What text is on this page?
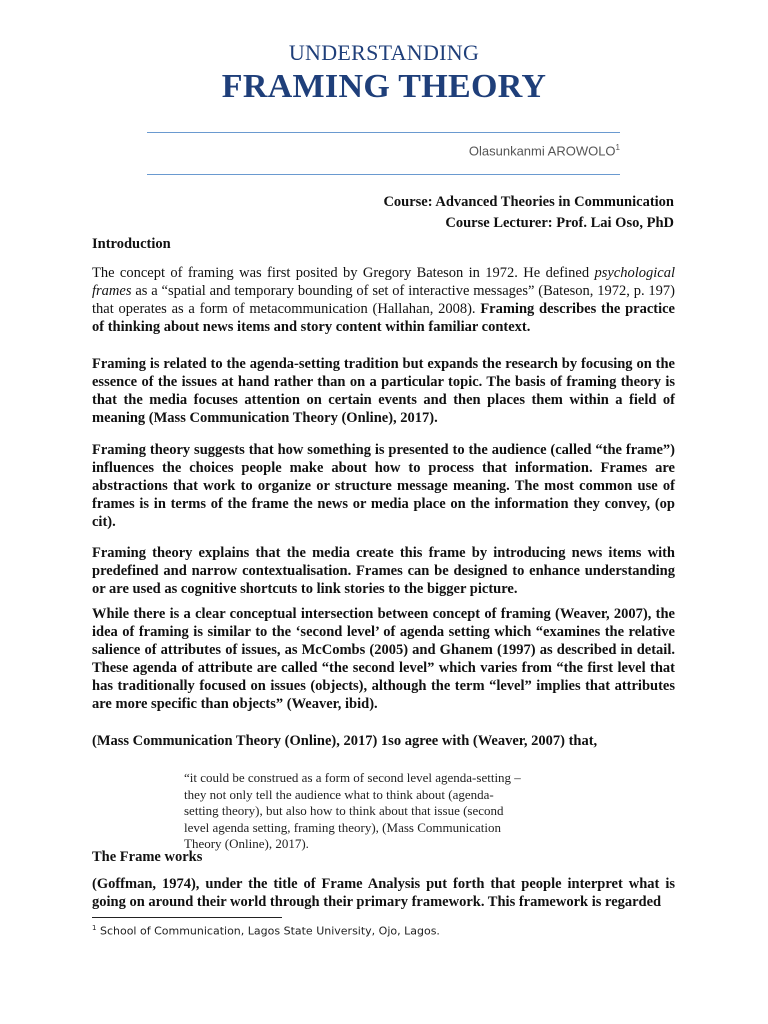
UNDERSTANDING
FRAMING THEORY
Olasunkanmi AROWOLO$^1$
Course: Advanced Theories in Communication
Course Lecturer: Prof. Lai Oso, PhD
Introduction
The concept of framing was first posited by Gregory Bateson in 1972. He defined psychological frames as a “spatial and temporary bounding of set of interactive messages” (Bateson, 1972, p. 197) that operates as a form of metacommunication (Hallahan, 2008). Framing describes the practice of thinking about news items and story content within familiar context.
Framing is related to the agenda-setting tradition but expands the research by focusing on the essence of the issues at hand rather than on a particular topic. The basis of framing theory is that the media focuses attention on certain events and then places them within a field of meaning (Mass Communication Theory (Online), 2017).
Framing theory suggests that how something is presented to the audience (called “the frame”) influences the choices people make about how to process that information. Frames are abstractions that work to organize or structure message meaning. The most common use of frames is in terms of the frame the news or media place on the information they convey, (op cit).
Framing theory explains that the media create this frame by introducing news items with predefined and narrow contextualisation. Frames can be designed to enhance understanding or are used as cognitive shortcuts to link stories to the bigger picture.
While there is a clear conceptual intersection between concept of framing (Weaver, 2007), the idea of framing is similar to the ‘second level’ of agenda setting which “examines the relative salience of attributes of issues, as McCombs (2005) and Ghanem (1997) as described in detail. These agenda of attribute are called “the second level” which varies from “the first level that has traditionally focused on issues (objects), although the term “level” implies that attributes are more specific than objects” (Weaver, ibid).
(Mass Communication Theory (Online), 2017) 1so agree with (Weaver, 2007) that,
“it could be construed as a form of second level agenda-setting – they not only tell the audience what to think about (agenda-setting theory), but also how to think about that issue (second level agenda setting, framing theory), (Mass Communication Theory (Online), 2017).
The Frame works
(Goffman, 1974), under the title of Frame Analysis put forth that people interpret what is going on around their world through their primary framework. This framework is regarded
$^1$ School of Communication, Lagos State University, Ojo, Lagos.
